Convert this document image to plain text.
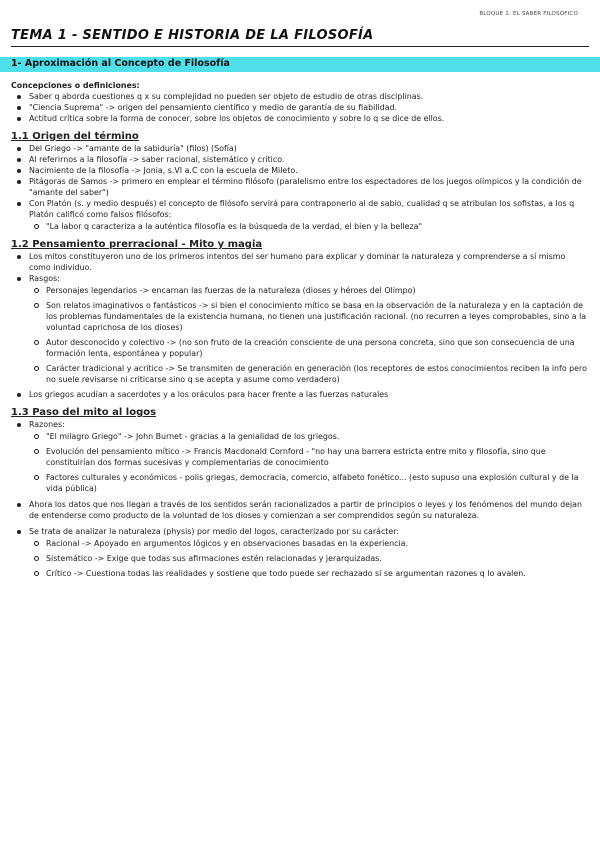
BLOQUE 1: EL SABER FILOSÓFICO
TEMA 1 - SENTIDO E HISTORIA DE LA FILOSOFÍA
1- Aproximación al Concepto de Filosofía
Concepciones o definiciones:
Saber q aborda cuestiones q x su complejidad no pueden ser objeto de estudio de otras disciplinas.
"Ciencia Suprema" -> origen del pensamiento científico y medio de garantía de su fiabilidad.
Actitud crítica sobre la forma de conocer, sobre los objetos de conocimiento y sobre lo q se dice de ellos.
1.1 Origen del término
Del Griego -> "amante de la sabiduría" (filos) (Sofía)
Al referirnos a la filosofía -> saber racional, sistemático y crítico.
Nacimiento de la filosofía -> Jonia, s.VI a.C con la escuela de Mileto.
Pitágoras de Samos -> primero en emplear el término filósofo (paralelismo entre los espectadores de los juegos olímpicos y la condición de "amante del saber")
Con Platón (s. y medio después) el concepto de filósofo servirá para contraponerlo al de sabio, cualidad q se atribulan los sofistas, a los q Platón calificó como falsos filósofos:
"La labor q caracteriza a la auténtica filosofía es la búsqueda de la verdad, el bien y la belleza"
1.2 Pensamiento prerracional - Mito y magia
Los mitos constituyeron uno de los primeros intentos del ser humano para explicar y dominar la naturaleza y comprenderse a sí mismo como individuo.
Rasgos:
Personajes legendarios -> encarnan las fuerzas de la naturaleza (dioses y héroes del Olimpo)
Son relatos imaginativos o fantásticos -> si bien el conocimiento mítico se basa en la observación de la naturaleza y en la captación de los problemas fundamentales de la existencia humana, no tienen una justificación racional. (no recurren a leyes comprobables, sino a la voluntad caprichosa de los dioses)
Autor desconocido y colectivo -> (no son fruto de la creación consciente de una persona concreta, sino que son consecuencia de una formación lenta, espontánea y popular)
Carácter tradicional y acrítico -> Se transmiten de generación en generación (los receptores de estos conocimientos reciben la info pero no suele revisarse ni criticarse sino q se acepta y asume como verdadero)
Los griegos acudían a sacerdotes y a los oráculos para hacer frente a las fuerzas naturales
1.3 Paso del mito al logos
Razones:
"El milagro Griego" -> John Burnet - gracias a la genialidad de los griegos.
Evolución del pensamiento mítico -> Francis Macdonald Cornford - "no hay una barrera estricta entre mito y filosofía, sino que constituirían dos formas sucesivas y complementarias de conocimiento
Factores culturales y económicos - polis griegas, democracia, comercio, alfabeto fonético... (esto supuso una explosión cultural y de la vida pública)
Ahora los datos que nos llegan a través de los sentidos serán racionalizados a partir de principios o leyes y los fenómenos del mundo dejan de entenderse como producto de la voluntad de los dioses y comienzan a ser comprendidos según su naturaleza.
Se trata de analizar la naturaleza (physis) por medio del logos, caracterizado por su carácter:
Racional -> Apoyado en argumentos lógicos y en observaciones basadas en la experiencia.
Sistemático -> Exige que todas sus afirmaciones estén relacionadas y jerarquizadas.
Crítico -> Cuestiona todas las realidades y sostiene que todo puede ser rechazado si se argumentan razones q lo avalen.
